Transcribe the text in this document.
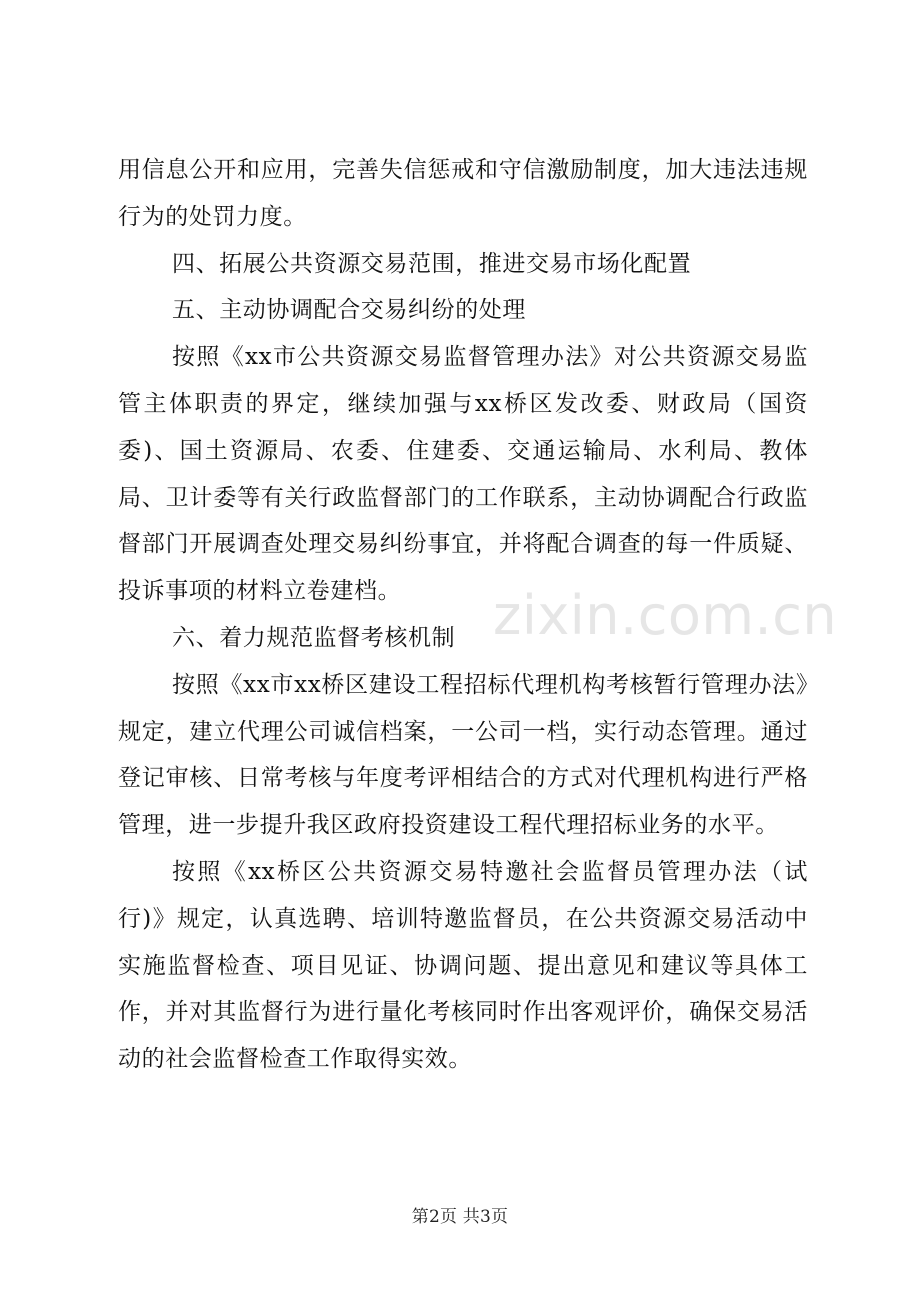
用信息公开和应用，完善失信惩戒和守信激励制度，加大违法违规行为的处罚力度。

四、拓展公共资源交易范围，推进交易市场化配置

五、主动协调配合交易纠纷的处理

按照《xx市公共资源交易监督管理办法》对公共资源交易监管主体职责的界定，继续加强与xx桥区发改委、财政局（国资委)、国土资源局、农委、住建委、交通运输局、水利局、教体局、卫计委等有关行政监督部门的工作联系，主动协调配合行政监督部门开展调查处理交易纠纷事宜，并将配合调查的每一件质疑、投诉事项的材料立卷建档。

六、着力规范监督考核机制

按照《xx市xx桥区建设工程招标代理机构考核暂行管理办法》规定，建立代理公司诚信档案，一公司一档，实行动态管理。通过登记审核、日常考核与年度考评相结合的方式对代理机构进行严格管理，进一步提升我区政府投资建设工程代理招标业务的水平。

按照《xx桥区公共资源交易特邀社会监督员管理办法（试行)》规定，认真选聘、培训特邀监督员，在公共资源交易活动中实施监督检查、项目见证、协调问题、提出意见和建议等具体工作，并对其监督行为进行量化考核同时作出客观评价，确保交易活动的社会监督检查工作取得实效。

zixin.com.cn
第2页 共3页
